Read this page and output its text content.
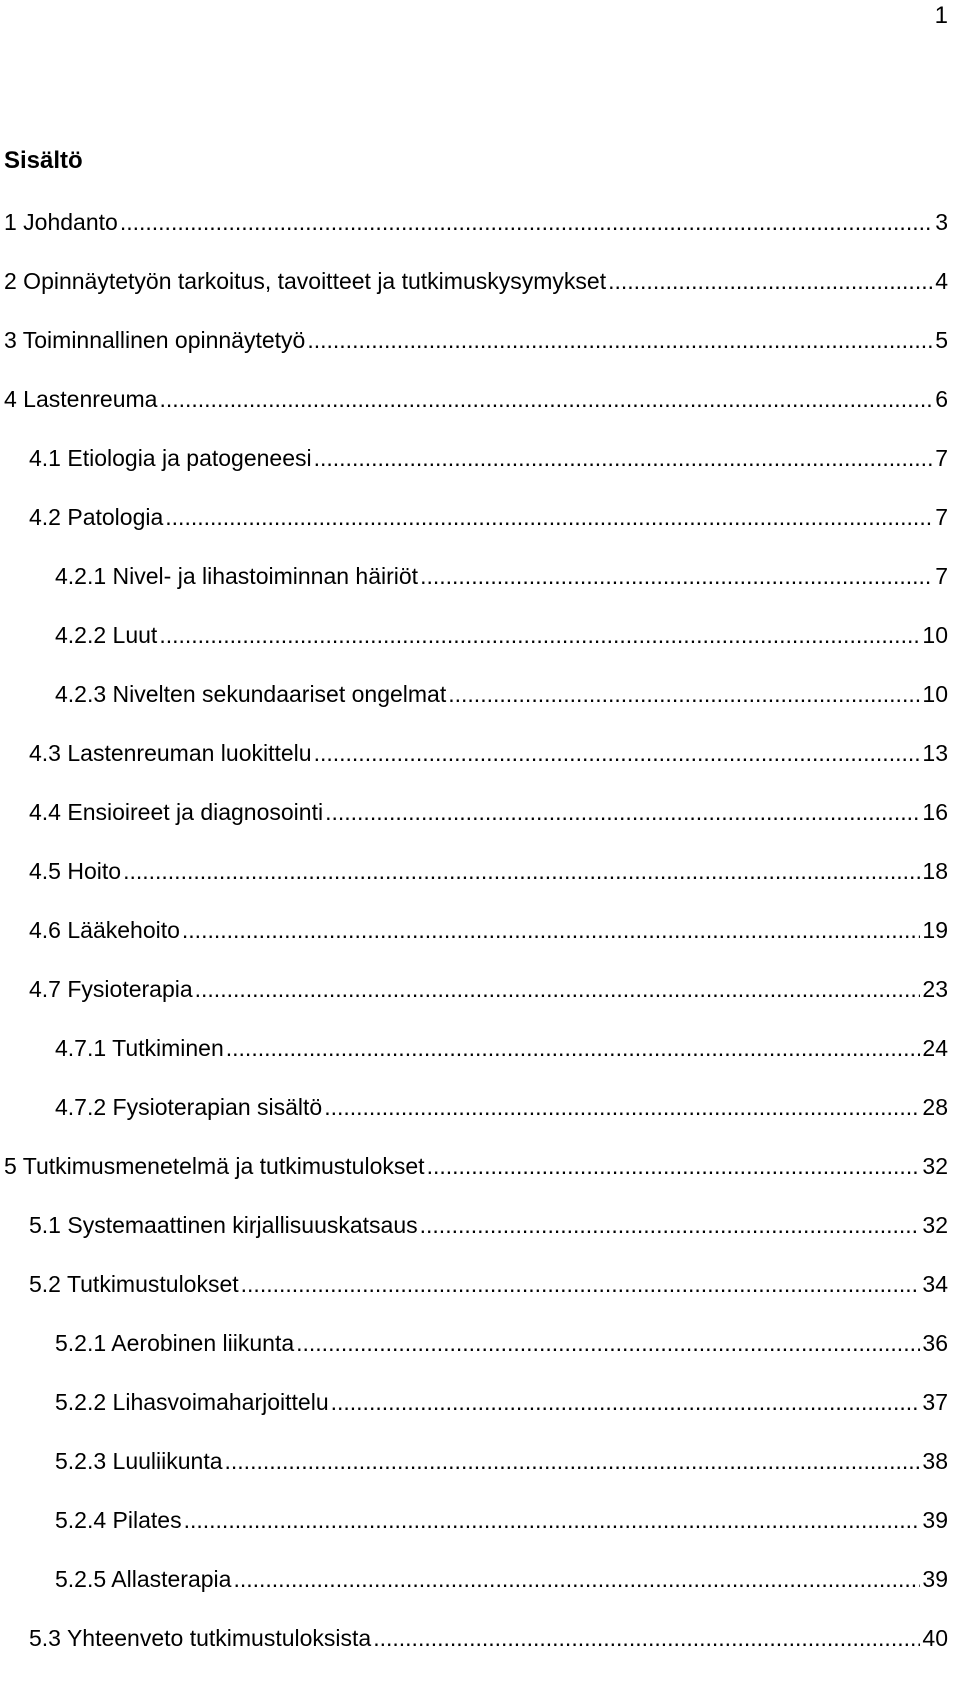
1
Sisältö
1 Johdanto .....	3
2 Opinnäytetyön tarkoitus, tavoitteet ja tutkimuskysymykset .....	4
3 Toiminnallinen opinnäytetyö .....	5
4 Lastenreuma .....	6
4.1 Etiologia ja patogeneesi .....	7
4.2 Patologia .....	7
4.2.1 Nivel- ja lihastoiminnan häiriöt .....	7
4.2.2 Luut .....	10
4.2.3 Nivelten sekundaariset ongelmat .....	10
4.3 Lastenreuman luokittelu .....	13
4.4 Ensioireet ja diagnosointi .....	16
4.5 Hoito .....	18
4.6 Lääkehoito .....	19
4.7 Fysioterapia .....	23
4.7.1 Tutkiminen .....	24
4.7.2 Fysioterapian sisältö .....	28
5 Tutkimusmenetelmä ja tutkimustulokset .....	32
5.1 Systemaattinen kirjallisuuskatsaus .....	32
5.2 Tutkimustulokset .....	34
5.2.1 Aerobinen liikunta .....	36
5.2.2 Lihasvoimaharjoittelu .....	37
5.2.3 Luuliikunta .....	38
5.2.4 Pilates .....	39
5.2.5 Allasterapia .....	39
5.3 Yhteenveto tutkimustuloksista .....	40
